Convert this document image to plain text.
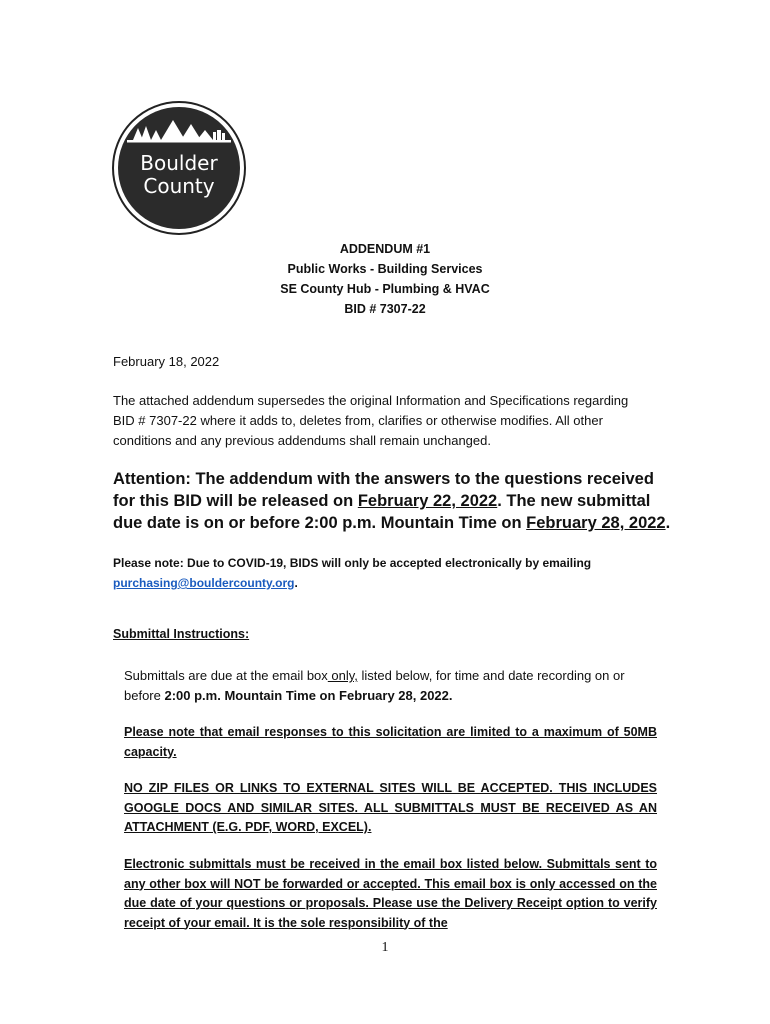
Boulder
County
ADDENDUM #1
Public Works - Building Services
SE County Hub - Plumbing & HVAC
BID # 7307-22
February 18, 2022
The attached addendum supersedes the original Information and Specifications regarding BID # 7307-22 where it adds to, deletes from, clarifies or otherwise modifies. All other conditions and any previous addendums shall remain unchanged.
Attention: The addendum with the answers to the questions received for this BID will be released on February 22, 2022. The new submittal due date is on or before 2:00 p.m. Mountain Time on February 28, 2022.
Please note: Due to COVID-19, BIDS will only be accepted electronically by emailing purchasing@bouldercounty.org.
Submittal Instructions:
Submittals are due at the email box only, listed below, for time and date recording on or before 2:00 p.m. Mountain Time on February 28, 2022.
Please note that email responses to this solicitation are limited to a maximum of 50MB capacity.
NO ZIP FILES OR LINKS TO EXTERNAL SITES WILL BE ACCEPTED. THIS INCLUDES GOOGLE DOCS AND SIMILAR SITES. ALL SUBMITTALS MUST BE RECEIVED AS AN ATTACHMENT (E.G. PDF, WORD, EXCEL).
Electronic submittals must be received in the email box listed below. Submittals sent to any other box will NOT be forwarded or accepted. This email box is only accessed on the due date of your questions or proposals. Please use the Delivery Receipt option to verify receipt of your email. It is the sole responsibility of the
1
